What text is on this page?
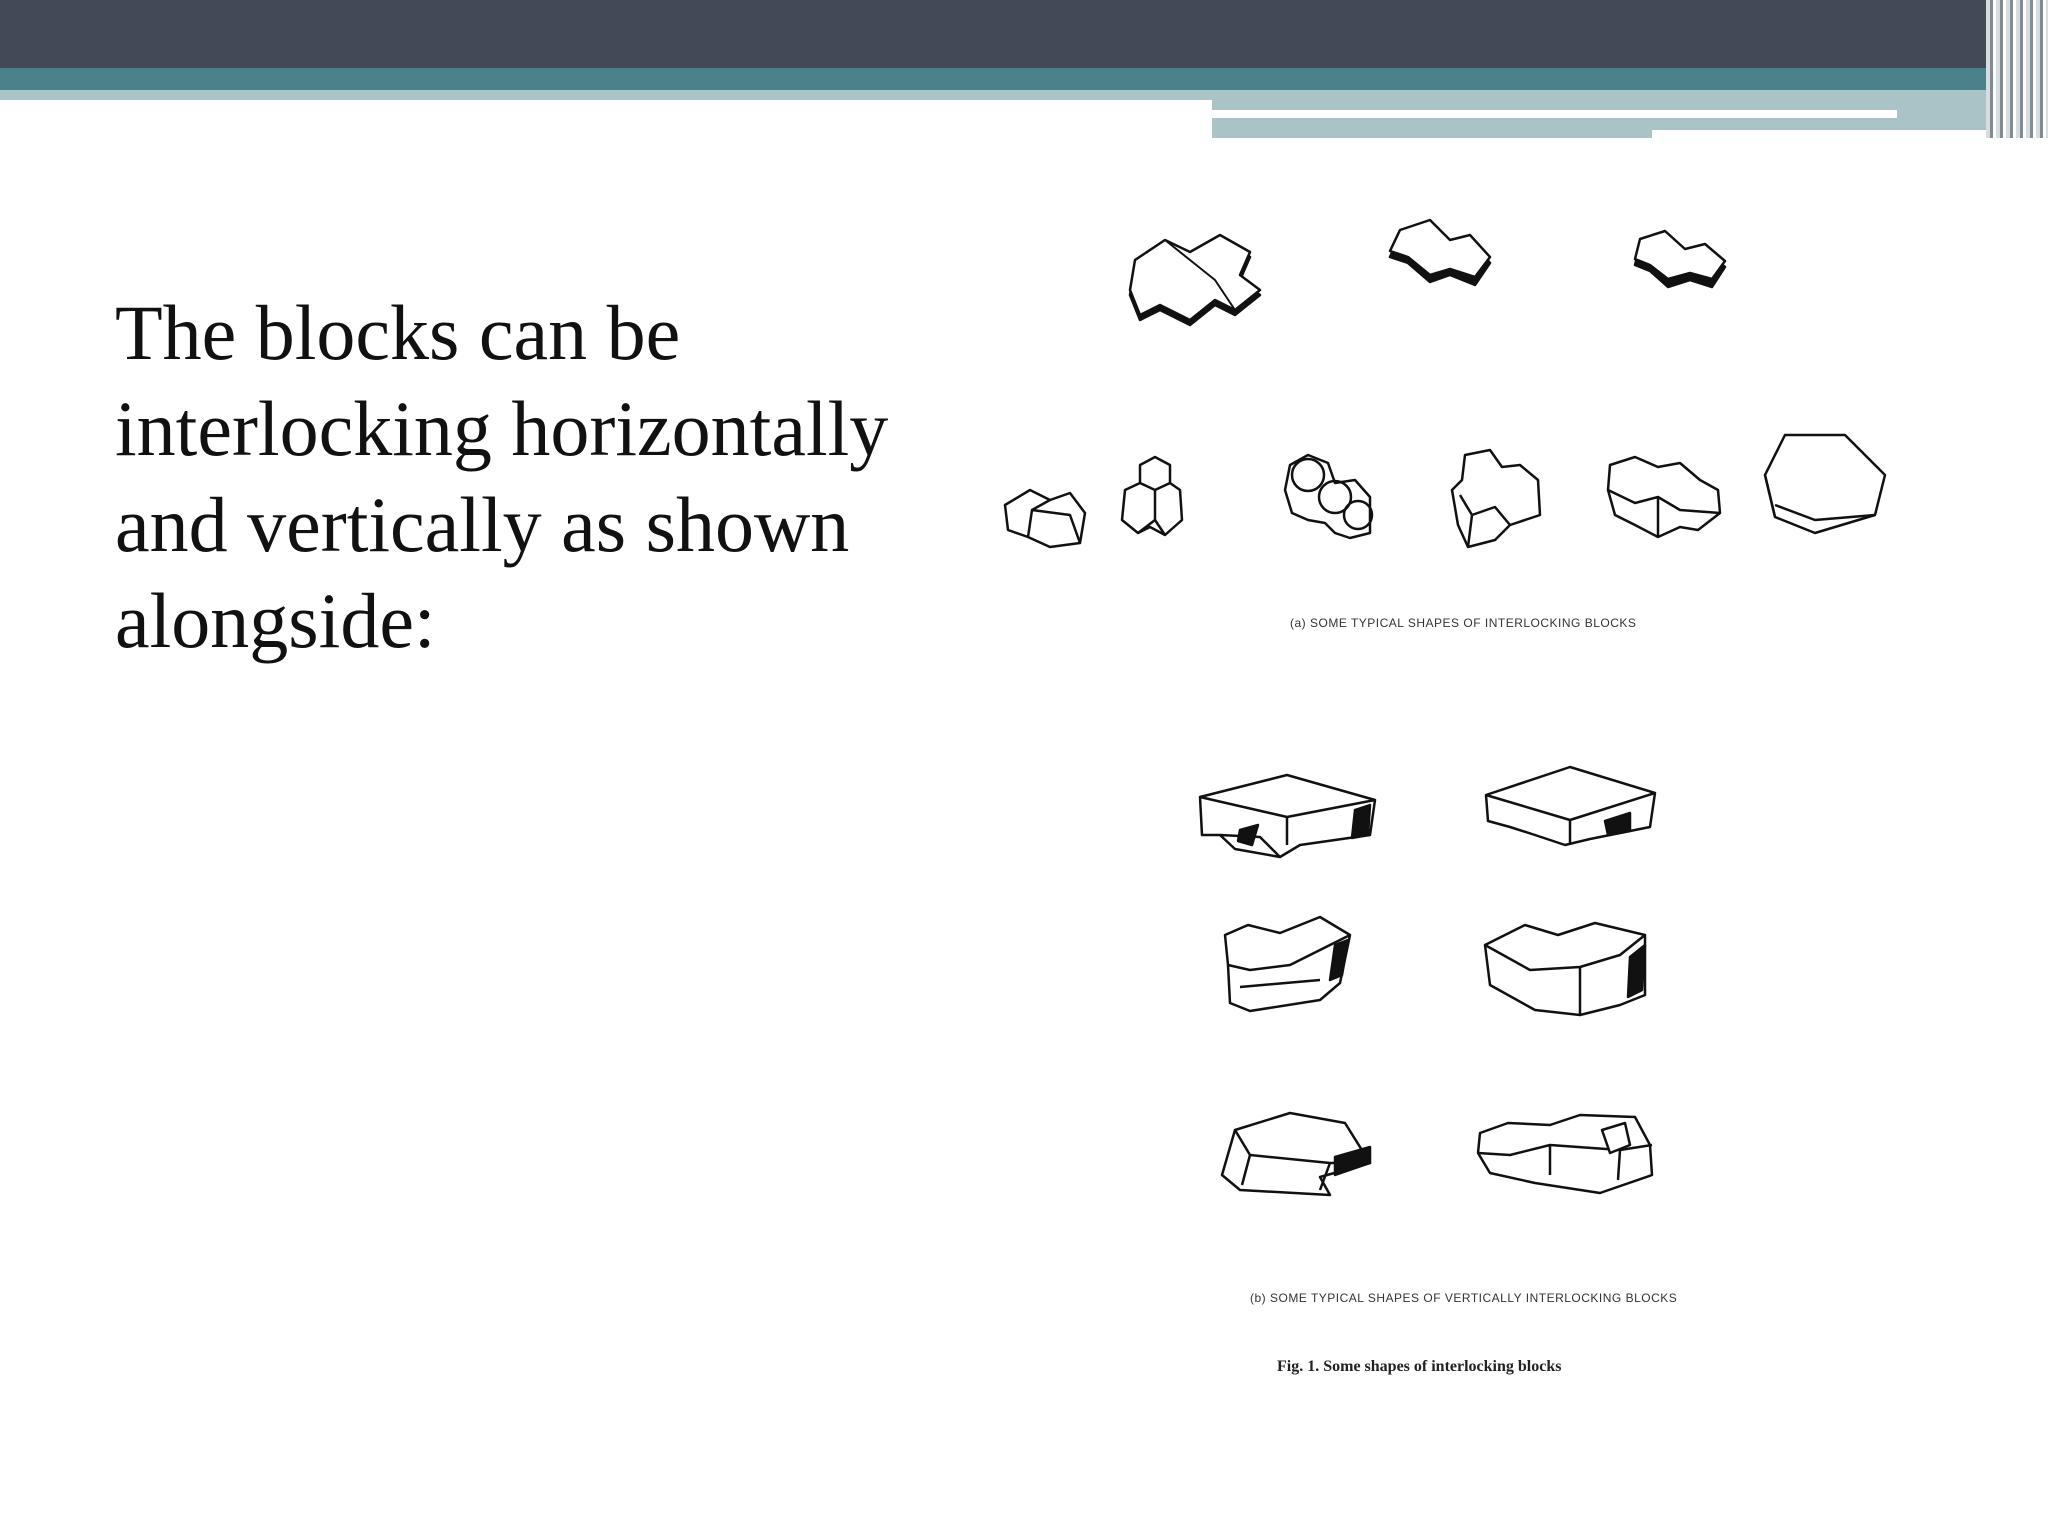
The blocks can be interlocking horizontally and vertically as shown alongside:	(a) SOME TYPICAL SHAPES OF INTERLOCKING BLOCKS
(b) SOME TYPICAL SHAPES OF VERTICALLY INTERLOCKING BLOCKS
Fig. 1. Some shapes of interlocking blocks
